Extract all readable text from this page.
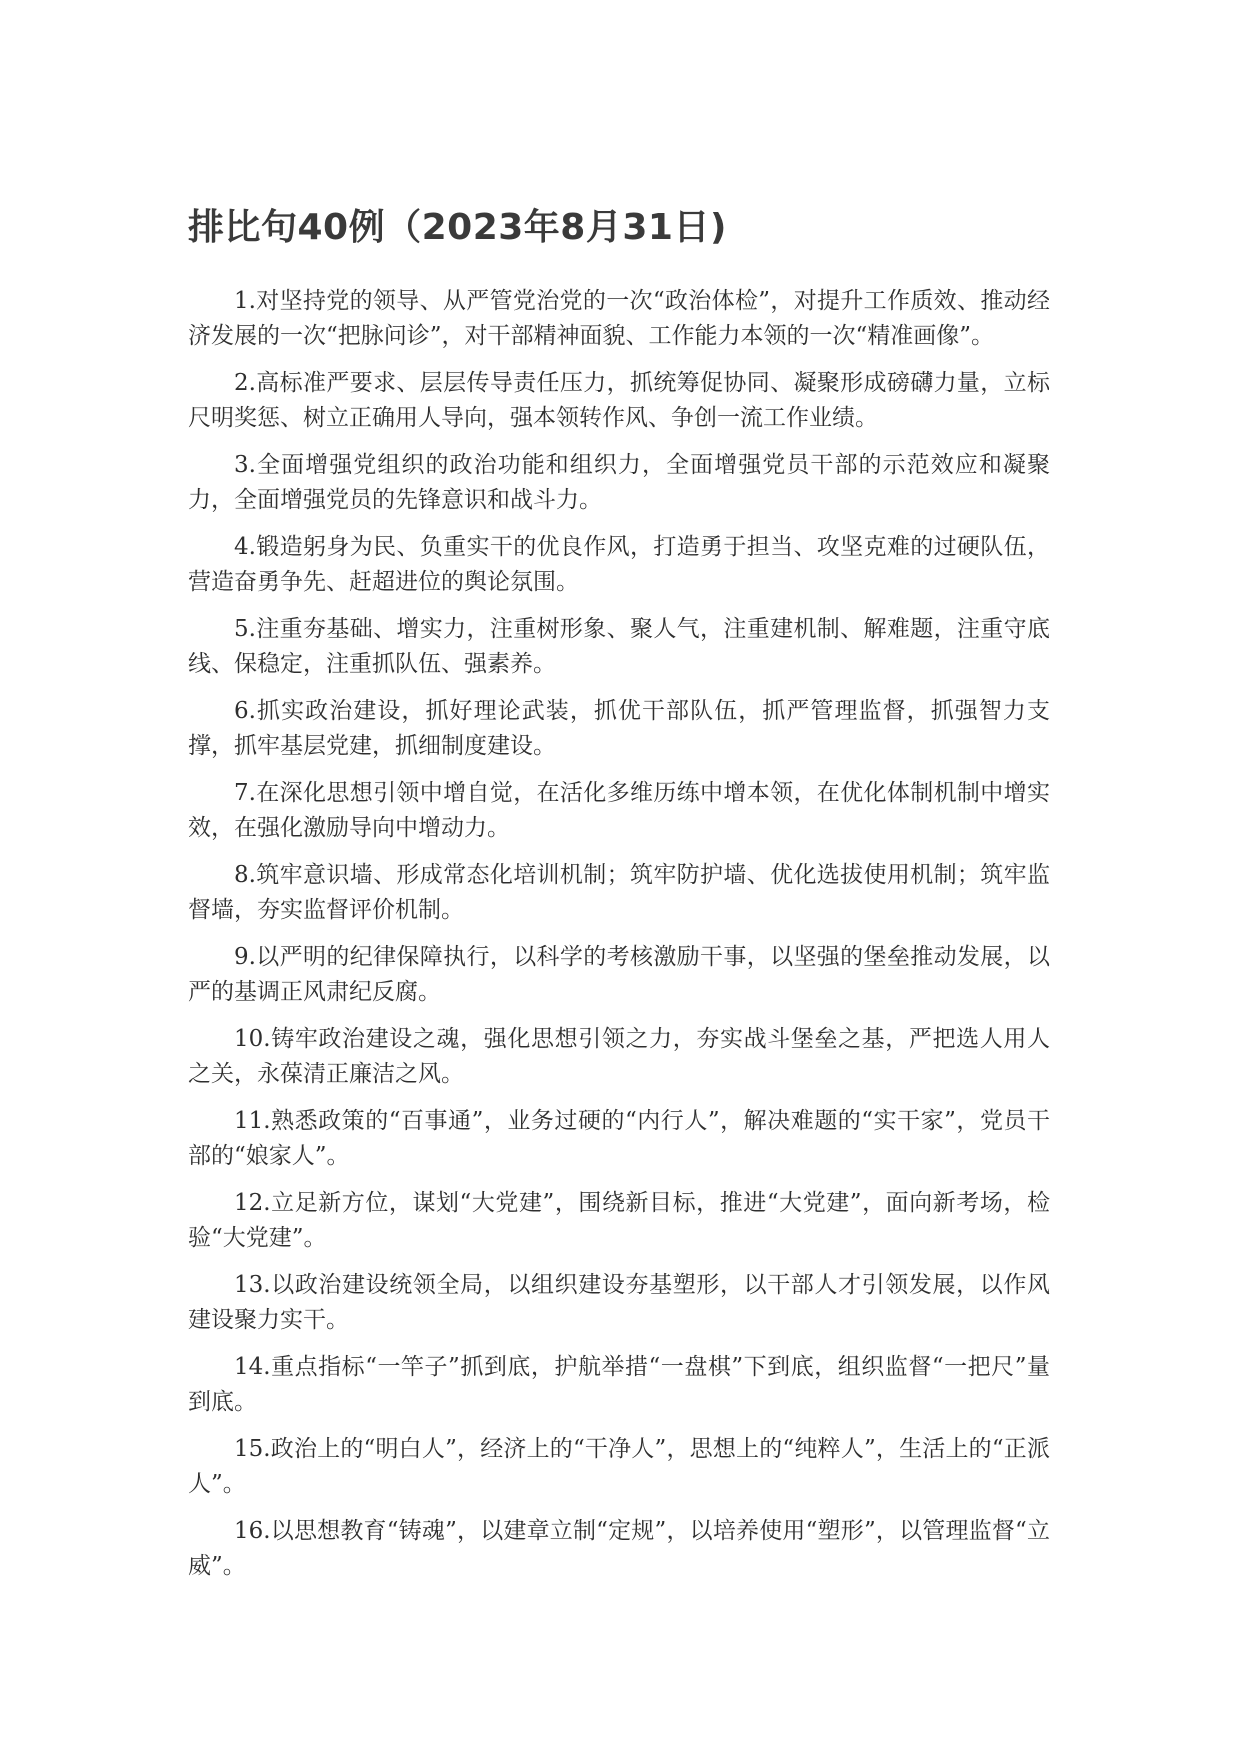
排比句40例（2023年8月31日)

1.对坚持党的领导、从严管党治党的一次“政治体检”，对提升工作质效、推动经济发展的一次“把脉问诊”，对干部精神面貌、工作能力本领的一次“精准画像”。

2.高标准严要求、层层传导责任压力，抓统筹促协同、凝聚形成磅礴力量，立标尺明奖惩、树立正确用人导向，强本领转作风、争创一流工作业绩。

3.全面增强党组织的政治功能和组织力，全面增强党员干部的示范效应和凝聚力，全面增强党员的先锋意识和战斗力。

4.锻造躬身为民、负重实干的优良作风，打造勇于担当、攻坚克难的过硬队伍，营造奋勇争先、赶超进位的舆论氛围。

5.注重夯基础、增实力，注重树形象、聚人气，注重建机制、解难题，注重守底线、保稳定，注重抓队伍、强素养。

6.抓实政治建设，抓好理论武装，抓优干部队伍，抓严管理监督，抓强智力支撑，抓牢基层党建，抓细制度建设。

7.在深化思想引领中增自觉，在活化多维历练中增本领，在优化体制机制中增实效，在强化激励导向中增动力。

8.筑牢意识墙、形成常态化培训机制；筑牢防护墙、优化选拔使用机制；筑牢监督墙，夯实监督评价机制。

9.以严明的纪律保障执行，以科学的考核激励干事，以坚强的堡垒推动发展，以严的基调正风肃纪反腐。

10.铸牢政治建设之魂，强化思想引领之力，夯实战斗堡垒之基，严把选人用人之关，永葆清正廉洁之风。

11.熟悉政策的“百事通”，业务过硬的“内行人”，解决难题的“实干家”，党员干部的“娘家人”。

12.立足新方位，谋划“大党建”，围绕新目标，推进“大党建”，面向新考场，检验“大党建”。

13.以政治建设统领全局，以组织建设夯基塑形，以干部人才引领发展，以作风建设聚力实干。

14.重点指标“一竿子”抓到底，护航举措“一盘棋”下到底，组织监督“一把尺”量到底。

15.政治上的“明白人”，经济上的“干净人”，思想上的“纯粹人”，生活上的“正派人”。

16.以思想教育“铸魂”，以建章立制“定规”，以培养使用“塑形”，以管理监督“立威”。
